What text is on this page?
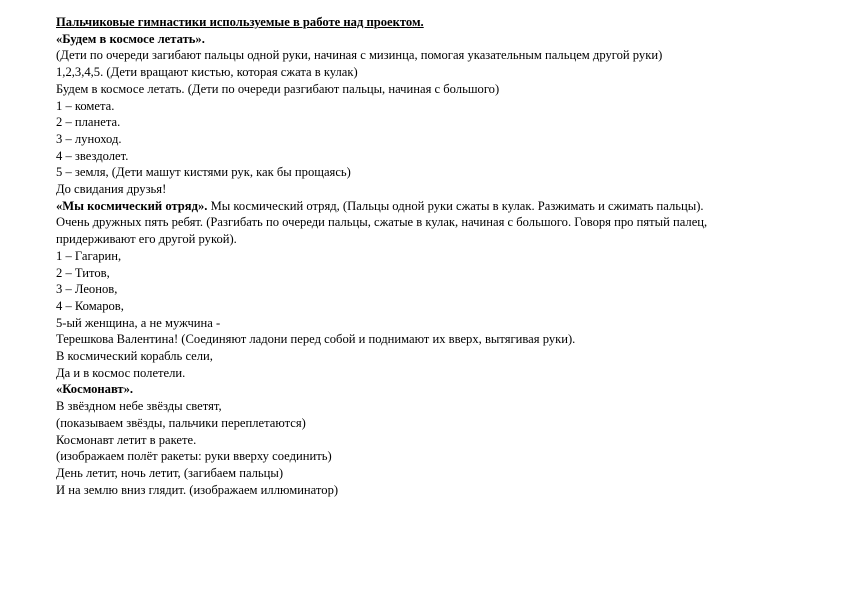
Пальчиковые гимнастики используемые в работе над проектом.
«Будем в космосе летать».
(Дети по очереди загибают пальцы одной руки, начиная с мизинца, помогая указательным пальцем другой руки)
1,2,3,4,5. (Дети вращают кистью, которая сжата в кулак)
Будем в космосе летать. (Дети по очереди разгибают пальцы, начиная с большого)
1 – комета.
2 – планета.
3 – луноход.
4 – звездолет.
5 – земля, (Дети машут кистями рук, как бы прощаясь)
До свидания друзья!
«Мы космический отряд». Мы космический отряд, (Пальцы одной руки сжаты в кулак. Разжимать и сжимать пальцы).
Очень дружных пять ребят. (Разгибать по очереди пальцы, сжатые в кулак, начиная с большого. Говоря про пятый палец,
придерживают его другой рукой).
1 – Гагарин,
2 – Титов,
3 – Леонов,
4 – Комаров,
5-ый женщина, а не мужчина -
Терешкова Валентина! (Соединяют ладони перед собой и поднимают их вверх, вытягивая руки).
В космический корабль сели,
Да и в космос полетели.
«Космонавт».
В звёздном небе звёзды светят,
(показываем звёзды, пальчики переплетаются)
Космонавт летит в ракете.
(изображаем полёт ракеты: руки вверху соединить)
День летит, ночь летит, (загибаем пальцы)
И на землю вниз глядит. (изображаем иллюминатор)
